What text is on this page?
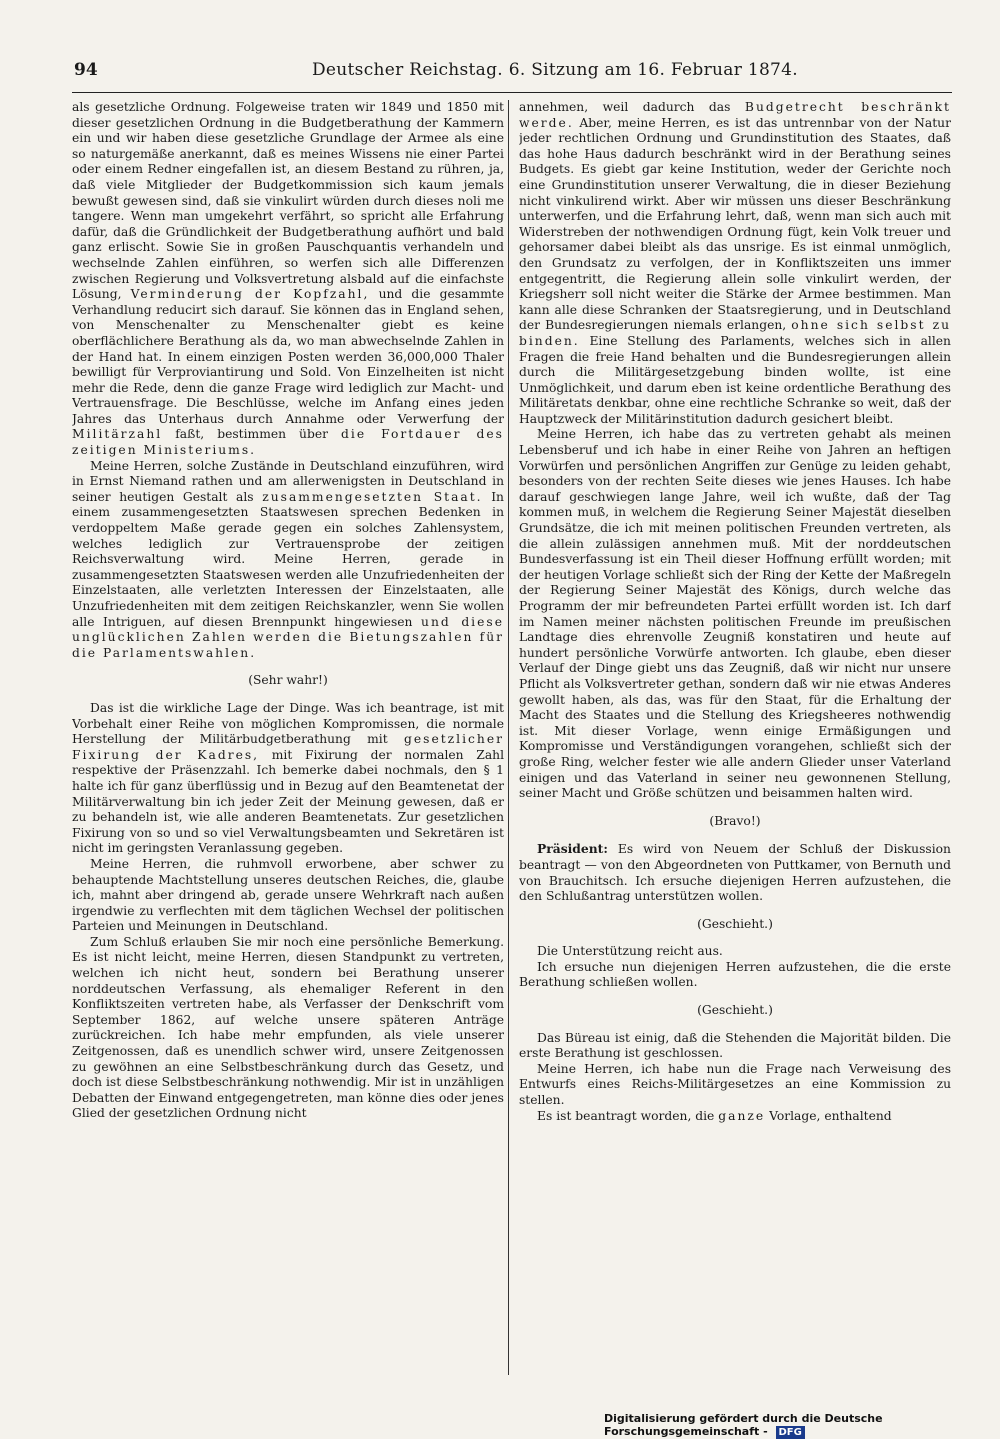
94	Deutscher Reichstag. 6. Sitzung am 16. Februar 1874.

als gesetzliche Ordnung. Folgeweise traten wir 1849 und 1850 mit dieser gesetzlichen Ordnung in die Budgetberathung der Kammern ein und wir haben diese gesetzliche Grundlage der Armee als eine so naturgemäße anerkannt, daß es meines Wissens nie einer Partei oder einem Redner eingefallen ist, an diesem Bestand zu rühren, ja, daß viele Mitglieder der Budgetkommission sich kaum jemals bewußt gewesen sind, daß sie vinkulirt würden durch dieses noli me tangere. Wenn man umgekehrt verfährt, so spricht alle Erfahrung dafür, daß die Gründlichkeit der Budgetberathung aufhört und bald ganz erlischt. Sowie Sie in großen Pauschquantis verhandeln und wechselnde Zahlen einführen, so werfen sich alle Differenzen zwischen Regierung und Volksvertretung alsbald auf die einfachste Lösung, Verminderung der Kopfzahl, und die gesammte Verhandlung reducirt sich darauf. Sie können das in England sehen, von Menschenalter zu Menschenalter giebt es keine oberflächlichere Berathung als da, wo man abwechselnde Zahlen in der Hand hat. In einem einzigen Posten werden 36,000,000 Thaler bewilligt für Verproviantirung und Sold. Von Einzelheiten ist nicht mehr die Rede, denn die ganze Frage wird lediglich zur Macht- und Vertrauensfrage. Die Beschlüsse, welche im Anfang eines jeden Jahres das Unterhaus durch Annahme oder Verwerfung der Militärzahl faßt, bestimmen über die Fortdauer des zeitigen Ministeriums.

Meine Herren, solche Zustände in Deutschland einzuführen, wird in Ernst Niemand rathen und am allerwenigsten in Deutschland in seiner heutigen Gestalt als zusammengesetzten Staat. In einem zusammengesetzten Staatswesen sprechen Bedenken in verdoppeltem Maße gerade gegen ein solches Zahlensystem, welches lediglich zur Vertrauensprobe der zeitigen Reichsverwaltung wird. Meine Herren, gerade in zusammengesetzten Staatswesen werden alle Unzufriedenheiten der Einzelstaaten, alle verletzten Interessen der Einzelstaaten, alle Unzufriedenheiten mit dem zeitigen Reichskanzler, wenn Sie wollen alle Intriguen, auf diesen Brennpunkt hingewiesen und diese unglücklichen Zahlen werden die Bietungszahlen für die Parlamentswahlen.

(Sehr wahr!)

Das ist die wirkliche Lage der Dinge. Was ich beantrage, ist mit Vorbehalt einer Reihe von möglichen Kompromissen, die normale Herstellung der Militärbudgetberathung mit gesetzlicher Fixirung der Kadres, mit Fixirung der normalen Zahl respektive der Präsenzzahl. Ich bemerke dabei nochmals, den § 1 halte ich für ganz überflüssig und in Bezug auf den Beamtenetat der Militärverwaltung bin ich jeder Zeit der Meinung gewesen, daß er zu behandeln ist, wie alle anderen Beamtenetats. Zur gesetzlichen Fixirung von so und so viel Verwaltungsbeamten und Sekretären ist nicht im geringsten Veranlassung gegeben.

Meine Herren, die ruhmvoll erworbene, aber schwer zu behauptende Machtstellung unseres deutschen Reiches, die, glaube ich, mahnt aber dringend ab, gerade unsere Wehrkraft nach außen irgendwie zu verflechten mit dem täglichen Wechsel der politischen Parteien und Meinungen in Deutschland.

Zum Schluß erlauben Sie mir noch eine persönliche Bemerkung. Es ist nicht leicht, meine Herren, diesen Standpunkt zu vertreten, welchen ich nicht heut, sondern bei Berathung unserer norddeutschen Verfassung, als ehemaliger Referent in den Konfliktszeiten vertreten habe, als Verfasser der Denkschrift vom September 1862, auf welche unsere späteren Anträge zurückreichen. Ich habe mehr empfunden, als viele unserer Zeitgenossen, daß es unendlich schwer wird, unsere Zeitgenossen zu gewöhnen an eine Selbstbeschränkung durch das Gesetz, und doch ist diese Selbstbeschränkung nothwendig. Mir ist in unzähligen Debatten der Einwand entgegengetreten, man könne dies oder jenes Glied der gesetzlichen Ordnung nicht

annehmen, weil dadurch das Budgetrecht beschränkt werde. Aber, meine Herren, es ist das untrennbar von der Natur jeder rechtlichen Ordnung und Grundinstitution des Staates, daß das hohe Haus dadurch beschränkt wird in der Berathung seines Budgets. Es giebt gar keine Institution, weder der Gerichte noch eine Grundinstitution unserer Verwaltung, die in dieser Beziehung nicht vinkulirend wirkt. Aber wir müssen uns dieser Beschränkung unterwerfen, und die Erfahrung lehrt, daß, wenn man sich auch mit Widerstreben der nothwendigen Ordnung fügt, kein Volk treuer und gehorsamer dabei bleibt als das unsrige. Es ist einmal unmöglich, den Grundsatz zu verfolgen, der in Konfliktszeiten uns immer entgegentritt, die Regierung allein solle vinkulirt werden, der Kriegsherr soll nicht weiter die Stärke der Armee bestimmen. Man kann alle diese Schranken der Staatsregierung, und in Deutschland der Bundesregierungen niemals erlangen, ohne sich selbst zu binden. Eine Stellung des Parlaments, welches sich in allen Fragen die freie Hand behalten und die Bundesregierungen allein durch die Militärgesetzgebung binden wollte, ist eine Unmöglichkeit, und darum eben ist keine ordentliche Berathung des Militäretats denkbar, ohne eine rechtliche Schranke so weit, daß der Hauptzweck der Militärinstitution dadurch gesichert bleibt.

Meine Herren, ich habe das zu vertreten gehabt als meinen Lebensberuf und ich habe in einer Reihe von Jahren an heftigen Vorwürfen und persönlichen Angriffen zur Genüge zu leiden gehabt, besonders von der rechten Seite dieses wie jenes Hauses. Ich habe darauf geschwiegen lange Jahre, weil ich wußte, daß der Tag kommen muß, in welchem die Regierung Seiner Majestät dieselben Grundsätze, die ich mit meinen politischen Freunden vertreten, als die allein zulässigen annehmen muß. Mit der norddeutschen Bundesverfassung ist ein Theil dieser Hoffnung erfüllt worden; mit der heutigen Vorlage schließt sich der Ring der Kette der Maßregeln der Regierung Seiner Majestät des Königs, durch welche das Programm der mir befreundeten Partei erfüllt worden ist. Ich darf im Namen meiner nächsten politischen Freunde im preußischen Landtage dies ehrenvolle Zeugniß konstatiren und heute auf hundert persönliche Vorwürfe antworten. Ich glaube, eben dieser Verlauf der Dinge giebt uns das Zeugniß, daß wir nicht nur unsere Pflicht als Volksvertreter gethan, sondern daß wir nie etwas Anderes gewollt haben, als das, was für den Staat, für die Erhaltung der Macht des Staates und die Stellung des Kriegsheeres nothwendig ist. Mit dieser Vorlage, wenn einige Ermäßigungen und Kompromisse und Verständigungen vorangehen, schließt sich der große Ring, welcher fester wie alle andern Glieder unser Vaterland einigen und das Vaterland in seiner neu gewonnenen Stellung, seiner Macht und Größe schützen und beisammen halten wird.

(Bravo!)

Präsident: Es wird von Neuem der Schluß der Diskussion beantragt — von den Abgeordneten von Puttkamer, von Bernuth und von Brauchitsch. Ich ersuche diejenigen Herren aufzustehen, die den Schlußantrag unterstützen wollen.

(Geschieht.)

Die Unterstützung reicht aus.

Ich ersuche nun diejenigen Herren aufzustehen, die die erste Berathung schließen wollen.

(Geschieht.)

Das Büreau ist einig, daß die Stehenden die Majorität bilden. Die erste Berathung ist geschlossen.

Meine Herren, ich habe nun die Frage nach Verweisung des Entwurfs eines Reichs-Militärgesetzes an eine Kommission zu stellen.

Es ist beantragt worden, die ganze Vorlage, enthaltend

Digitalisierung gefördert durch die Deutsche Forschungsgemeinschaft - DFG
